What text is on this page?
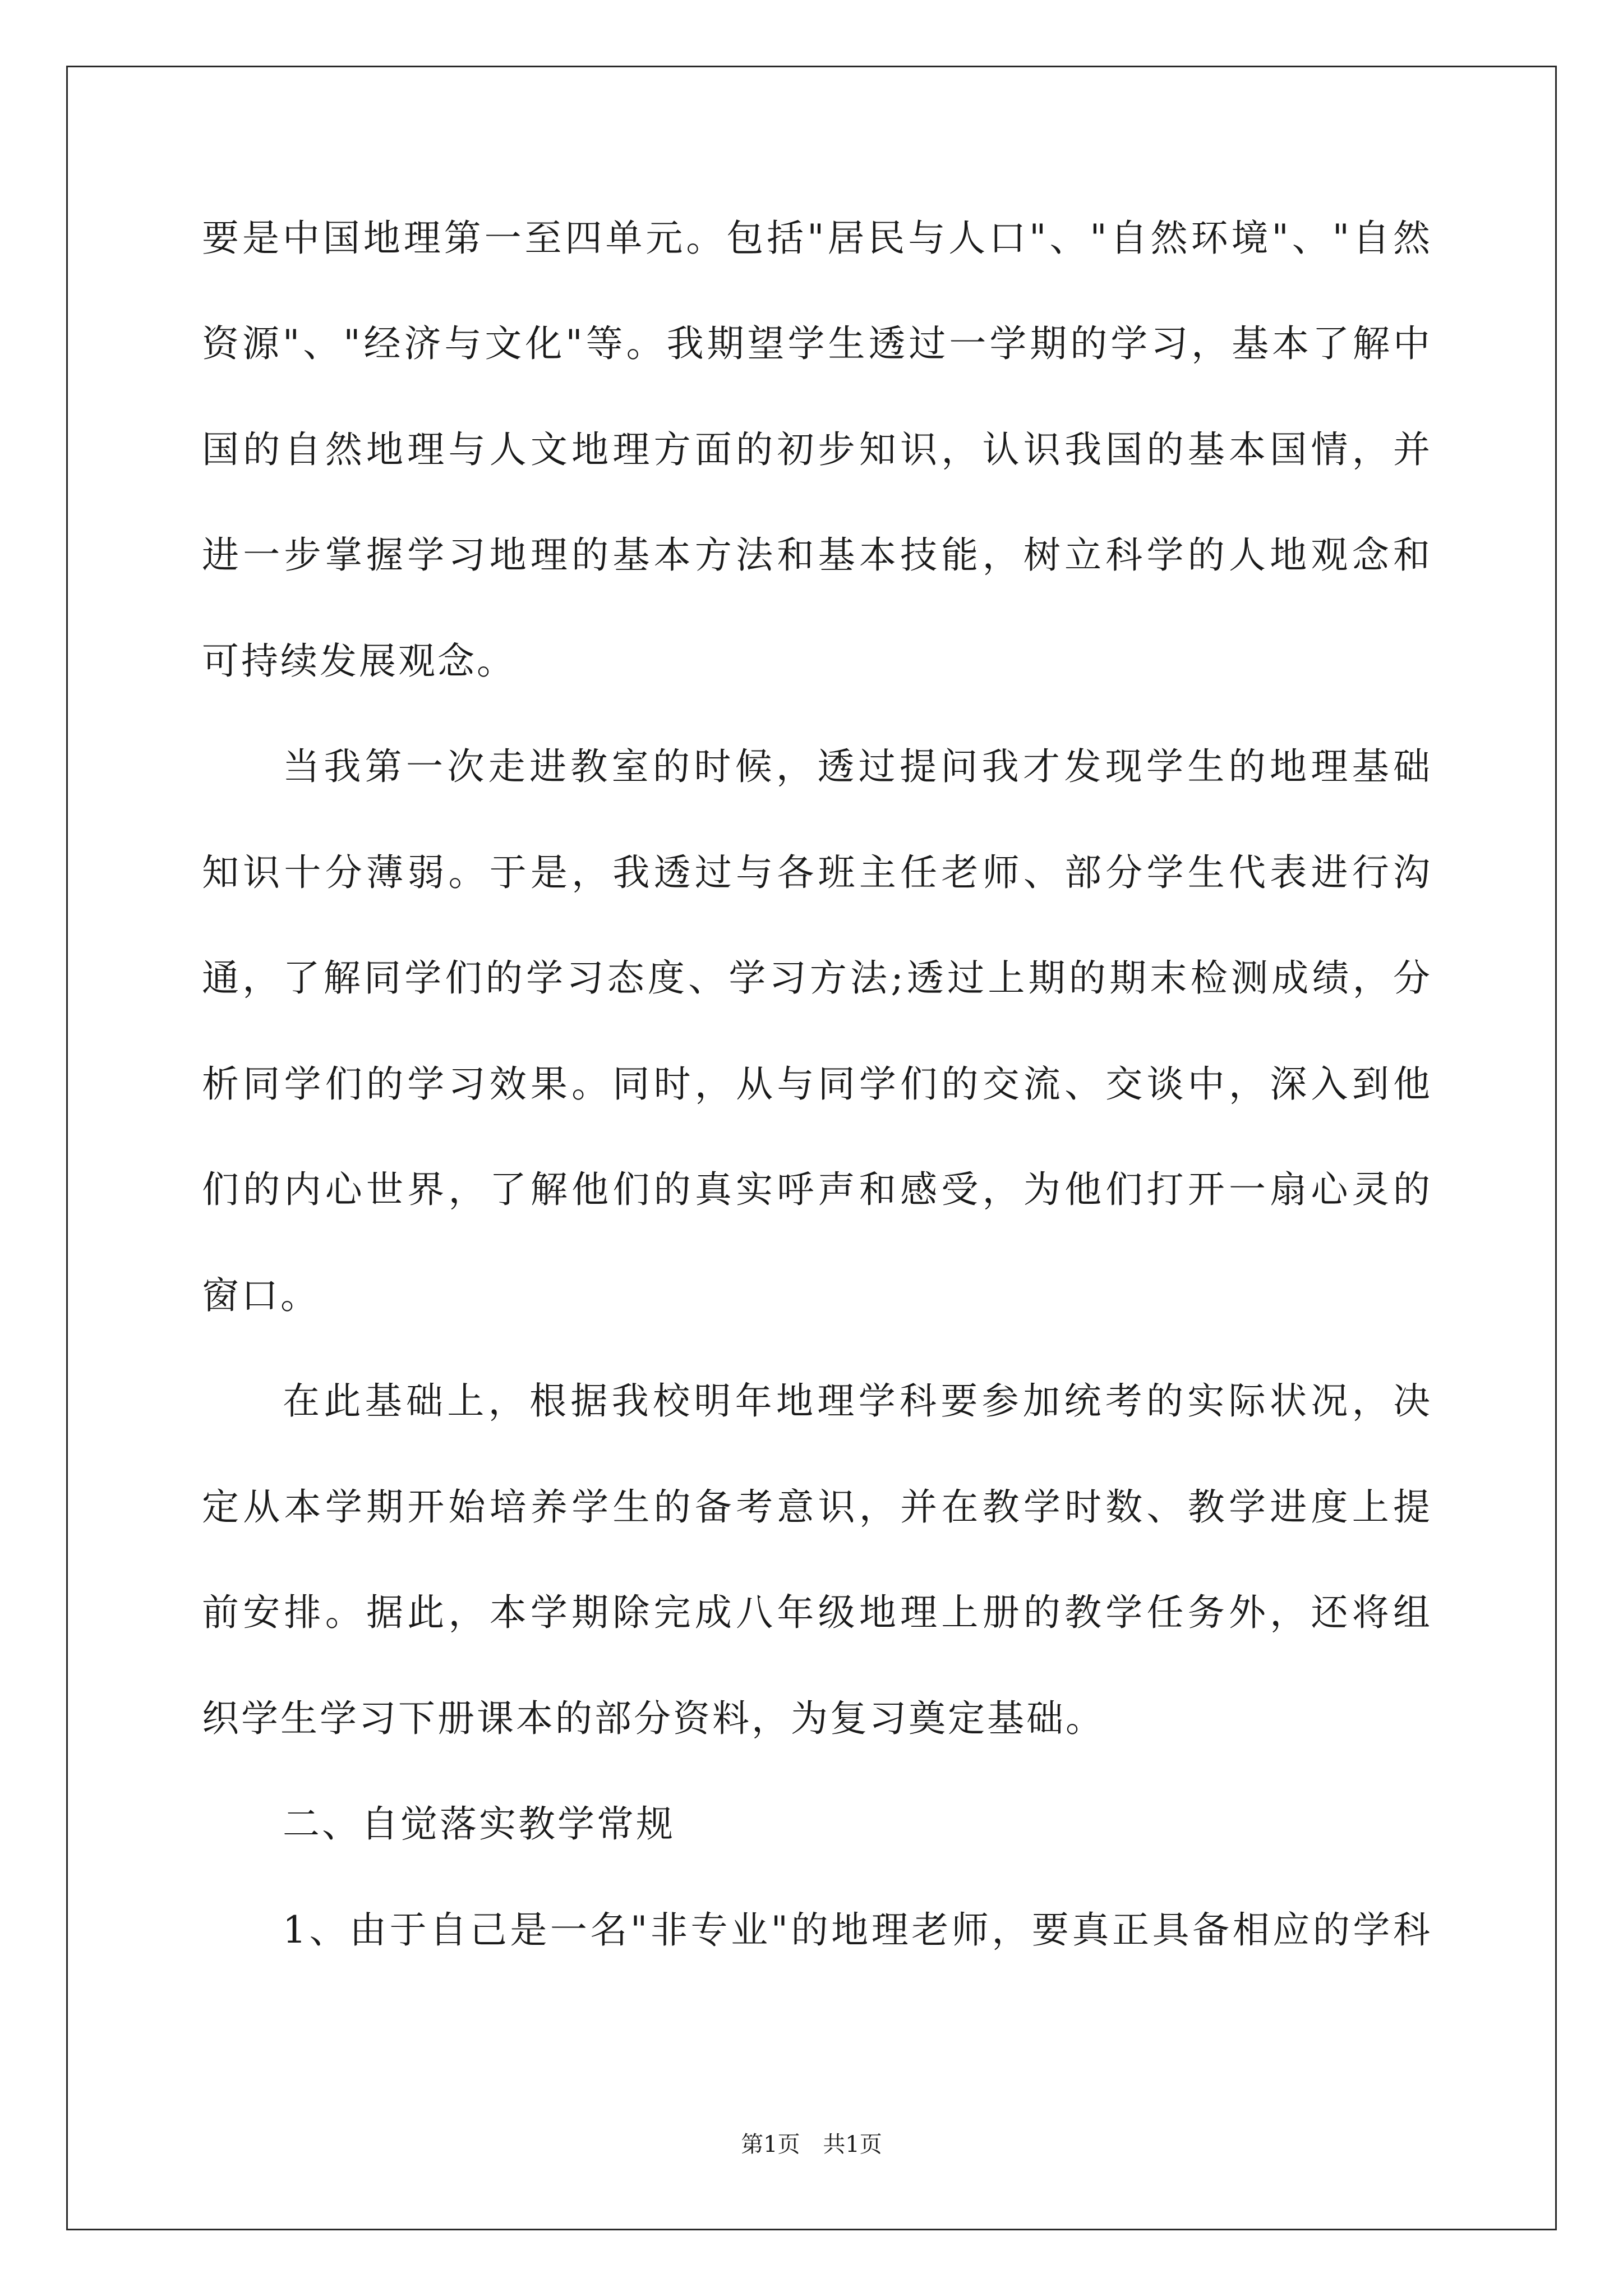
要是中国地理第一至四单元。包括"居民与人口"、"自然环境"、"自然
资源"、"经济与文化"等。我期望学生透过一学期的学习，基本了解中
国的自然地理与人文地理方面的初步知识，认识我国的基本国情，并
进一步掌握学习地理的基本方法和基本技能，树立科学的人地观念和
可持续发展观念。
当我第一次走进教室的时候，透过提问我才发现学生的地理基础
知识十分薄弱。于是，我透过与各班主任老师、部分学生代表进行沟
通，了解同学们的学习态度、学习方法;透过上期的期末检测成绩，分
析同学们的学习效果。同时，从与同学们的交流、交谈中，深入到他
们的内心世界，了解他们的真实呼声和感受，为他们打开一扇心灵的
窗口。
在此基础上，根据我校明年地理学科要参加统考的实际状况，决
定从本学期开始培养学生的备考意识，并在教学时数、教学进度上提
前安排。据此，本学期除完成八年级地理上册的教学任务外，还将组
织学生学习下册课本的部分资料，为复习奠定基础。
二、自觉落实教学常规
1、由于自己是一名"非专业"的地理老师，要真正具备相应的学科
第1页 共1页
